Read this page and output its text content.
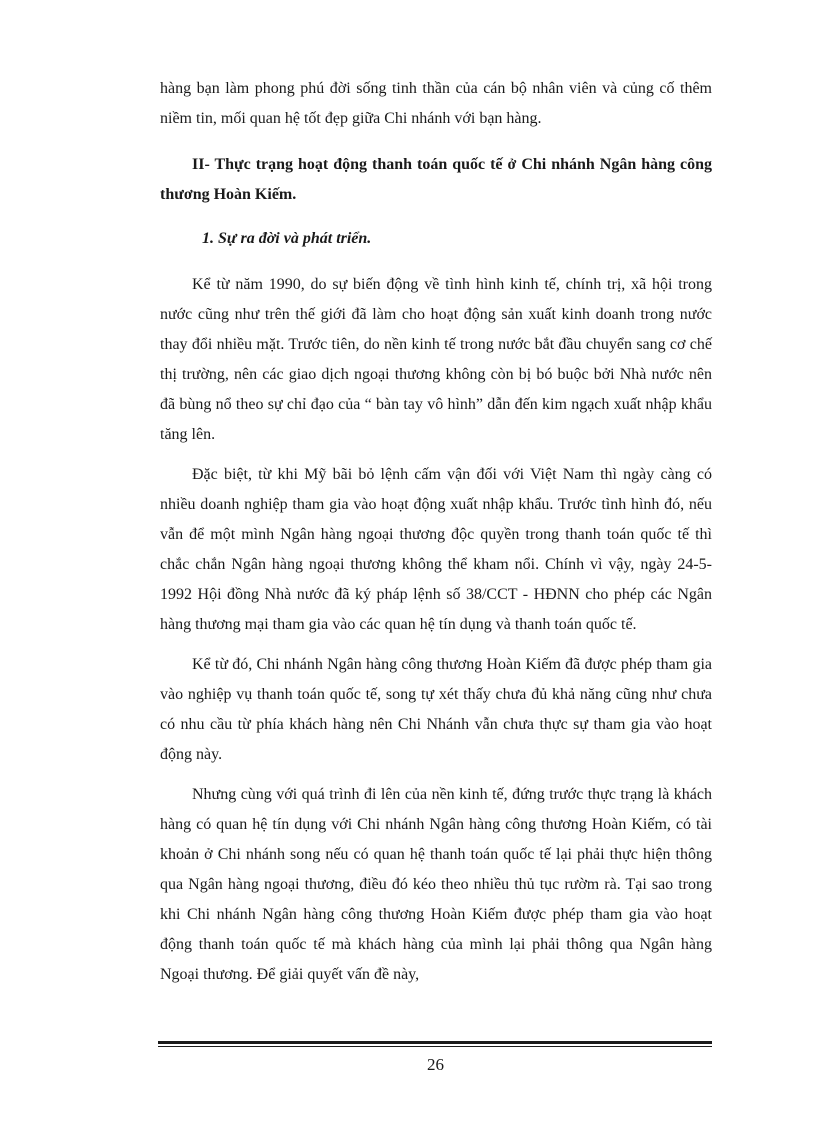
hàng bạn làm phong phú đời sống tinh thần của cán bộ nhân viên và củng cố thêm niềm tin, mối quan hệ tốt đẹp giữa Chi nhánh với bạn hàng.

II- Thực trạng hoạt động thanh toán quốc tế ở Chi nhánh Ngân hàng công thương Hoàn Kiếm.

1. Sự ra đời và phát triển.

Kể từ năm 1990, do sự biến động về tình hình kinh tế, chính trị, xã hội trong nước cũng như trên thế giới đã làm cho hoạt động sản xuất kinh doanh trong nước thay đổi nhiều mặt. Trước tiên, do nền kinh tế trong nước bắt đầu chuyển sang cơ chế thị trường, nên các giao dịch ngoại thương không còn bị bó buộc bởi Nhà nước nên đã bùng nổ theo sự chỉ đạo của “ bàn tay vô hình” dẫn đến kim ngạch xuất nhập khẩu tăng lên.

Đặc biệt, từ khi Mỹ bãi bỏ lệnh cấm vận đối với Việt Nam thì ngày càng có nhiều doanh nghiệp tham gia vào hoạt động xuất nhập khẩu. Trước tình hình đó, nếu vẫn để một mình Ngân hàng ngoại thương độc quyền trong thanh toán quốc tế thì chắc chắn Ngân hàng ngoại thương không thể kham nổi. Chính vì vậy, ngày 24-5-1992 Hội đồng Nhà nước đã ký pháp lệnh số 38/CCT - HĐNN cho phép các Ngân hàng thương mại tham gia vào các quan hệ tín dụng và thanh toán quốc tế.

Kể từ đó, Chi nhánh Ngân hàng công thương Hoàn Kiếm đã được phép tham gia vào nghiệp vụ thanh toán quốc tế, song tự xét thấy chưa đủ khả năng cũng như chưa có nhu cầu từ phía khách hàng nên Chi Nhánh vẫn chưa thực sự tham gia vào hoạt động này.

Nhưng cùng với quá trình đi lên của nền kinh tế, đứng trước thực trạng là khách hàng có quan hệ tín dụng với Chi nhánh Ngân hàng công thương Hoàn Kiếm, có tài khoản ở Chi nhánh song nếu có quan hệ thanh toán quốc tế lại phải thực hiện thông qua Ngân hàng ngoại thương, điều đó kéo theo nhiều thủ tục rườm rà. Tại sao trong khi Chi nhánh Ngân hàng công thương Hoàn Kiếm được phép tham gia vào hoạt động thanh toán quốc tế mà khách hàng của mình lại phải thông qua Ngân hàng Ngoại thương. Để giải quyết vấn đề này,

26
